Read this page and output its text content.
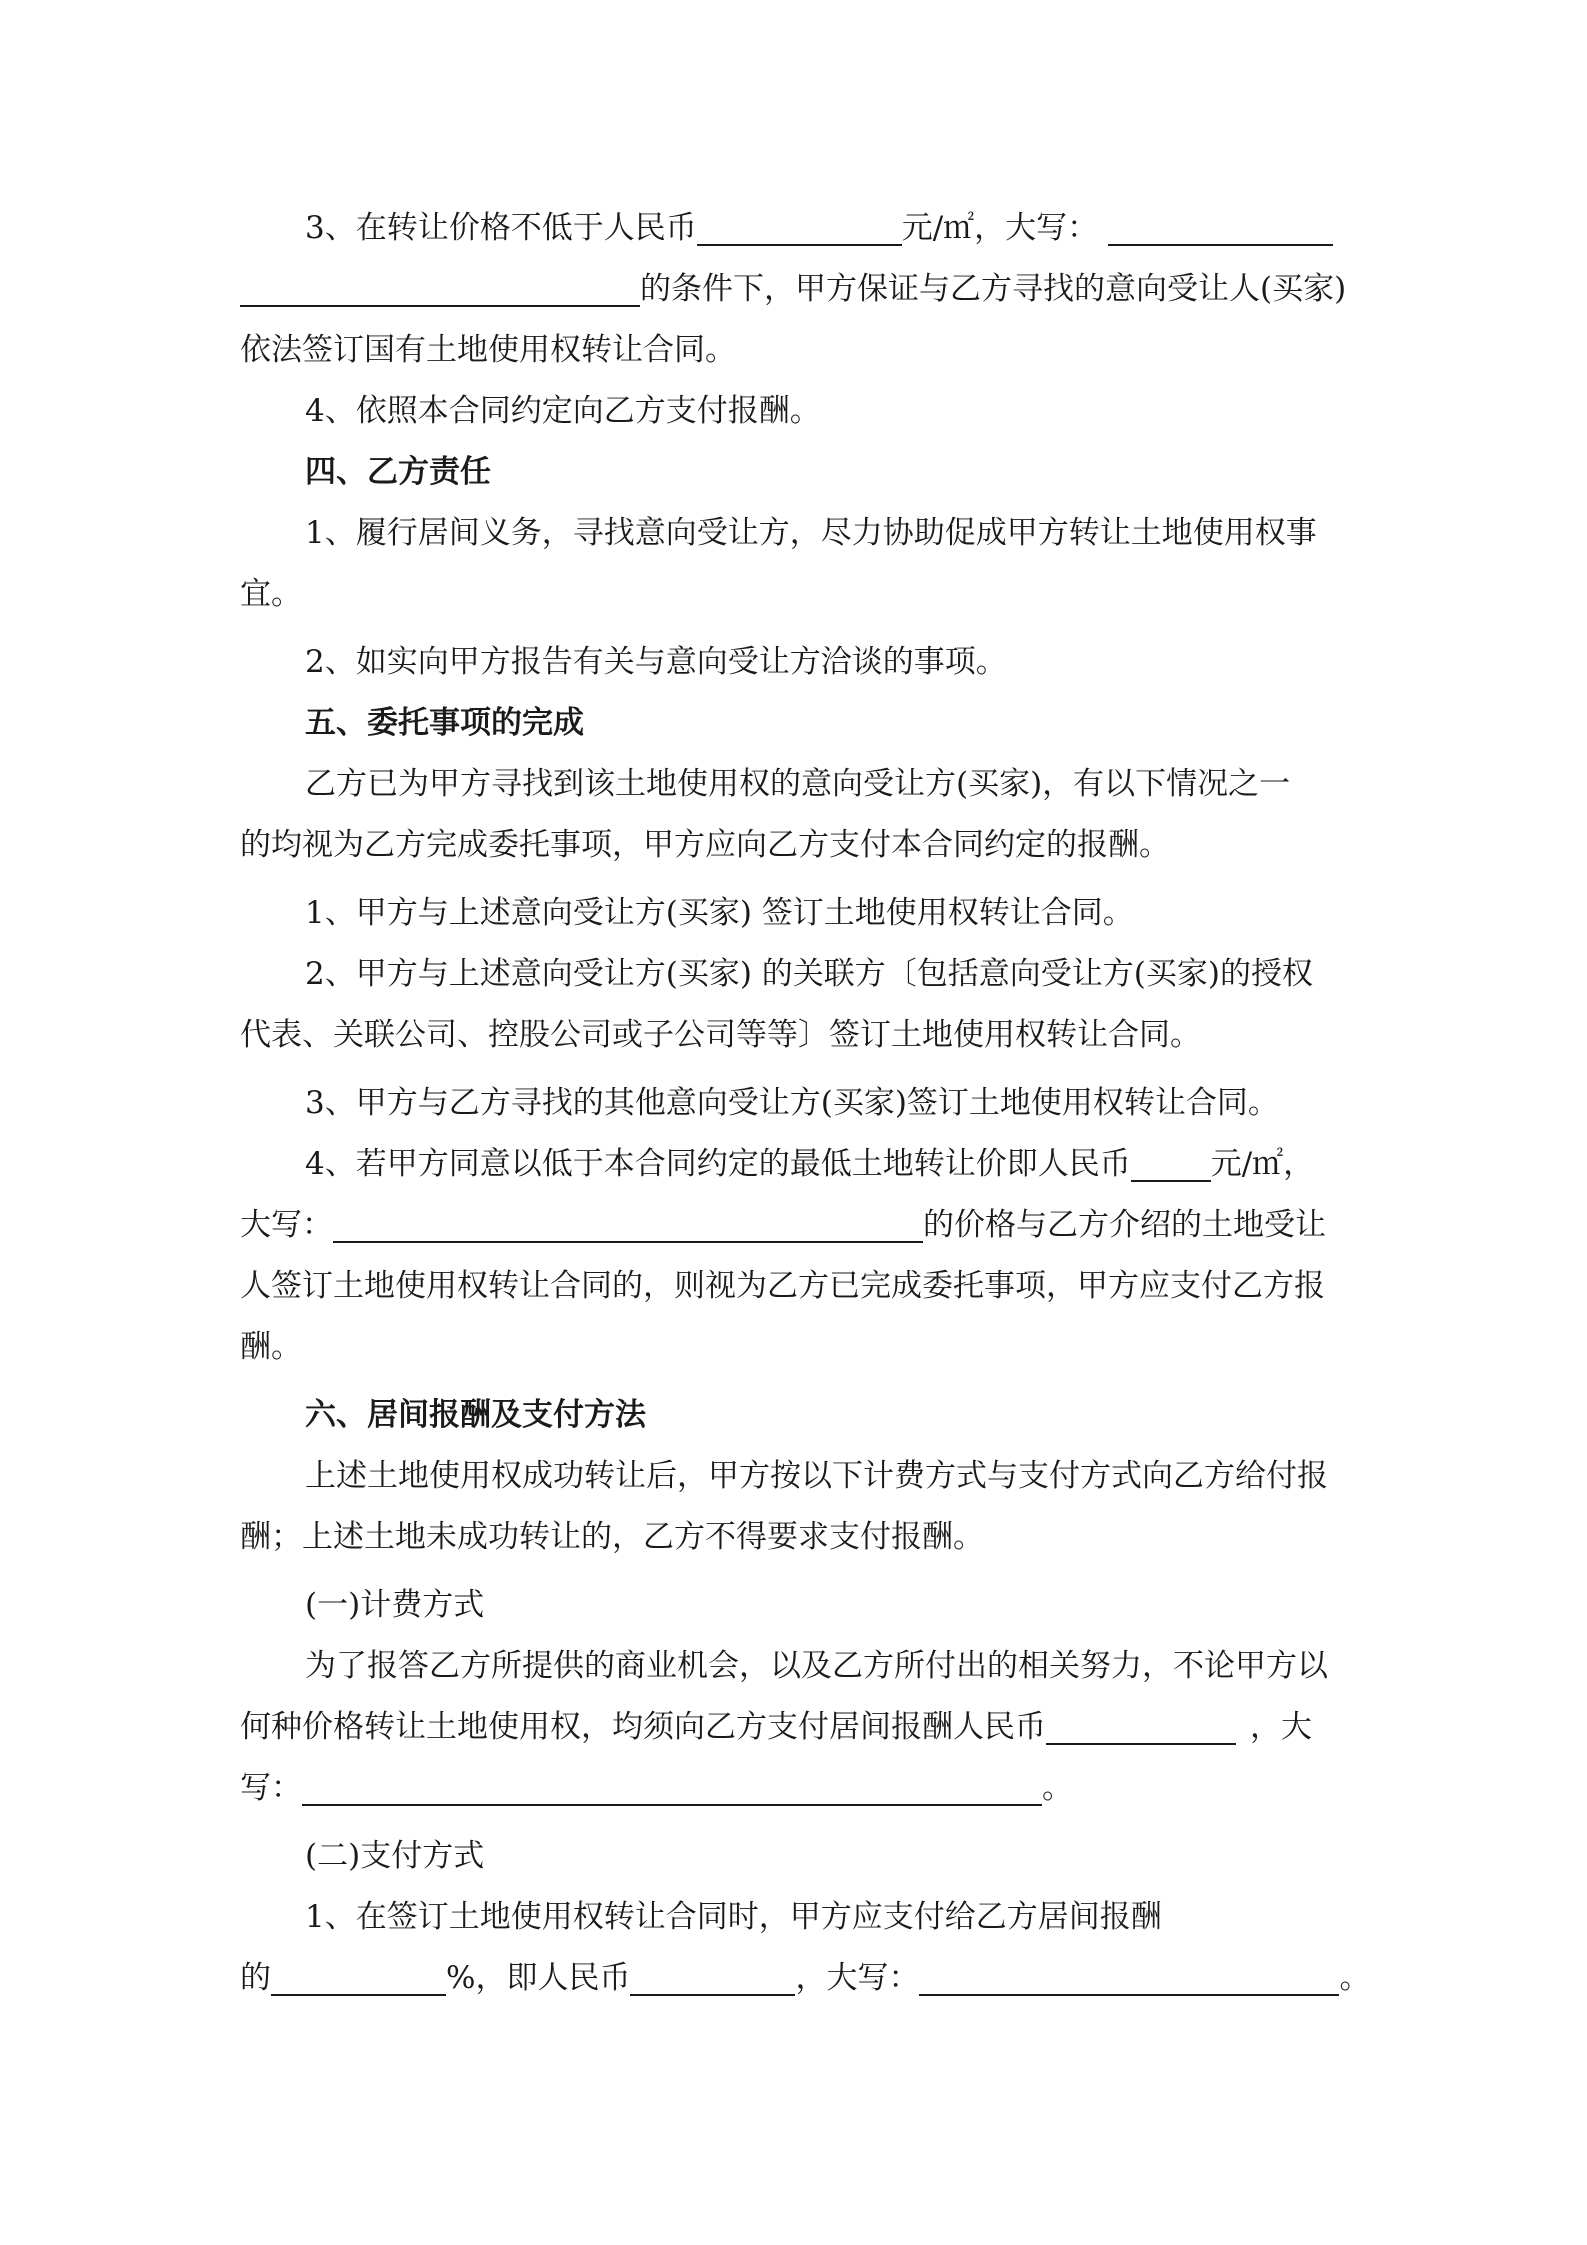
3、在转让价格不低于人民币	元/㎡，大写：
的条件下，甲方保证与乙方寻找的意向受让人(买家)
依法签订国有土地使用权转让合同。
4、依照本合同约定向乙方支付报酬。
四、乙方责任
1、履行居间义务，寻找意向受让方，尽力协助促成甲方转让土地使用权事
宜。
2、如实向甲方报告有关与意向受让方洽谈的事项。
五、委托事项的完成
乙方已为甲方寻找到该土地使用权的意向受让方(买家)，有以下情况之一
的均视为乙方完成委托事项，甲方应向乙方支付本合同约定的报酬。
1、甲方与上述意向受让方(买家) 签订土地使用权转让合同。
2、甲方与上述意向受让方(买家) 的关联方〔包括意向受让方(买家)的授权
代表、关联公司、控股公司或子公司等等〕签订土地使用权转让合同。
3、甲方与乙方寻找的其他意向受让方(买家)签订土地使用权转让合同。
4、若甲方同意以低于本合同约定的最低土地转让价即人民币	元/㎡，
大写：	的价格与乙方介绍的土地受让
人签订土地使用权转让合同的，则视为乙方已完成委托事项，甲方应支付乙方报
酬。
六、居间报酬及支付方法
上述土地使用权成功转让后，甲方按以下计费方式与支付方式向乙方给付报
酬；上述土地未成功转让的，乙方不得要求支付报酬。
(一)计费方式
为了报答乙方所提供的商业机会，以及乙方所付出的相关努力，不论甲方以
何种价格转让土地使用权，均须向乙方支付居间报酬人民币	，大
写：	。
(二)支付方式
1、在签订土地使用权转让合同时，甲方应支付给乙方居间报酬
的	%，即人民币	，大写：	。
